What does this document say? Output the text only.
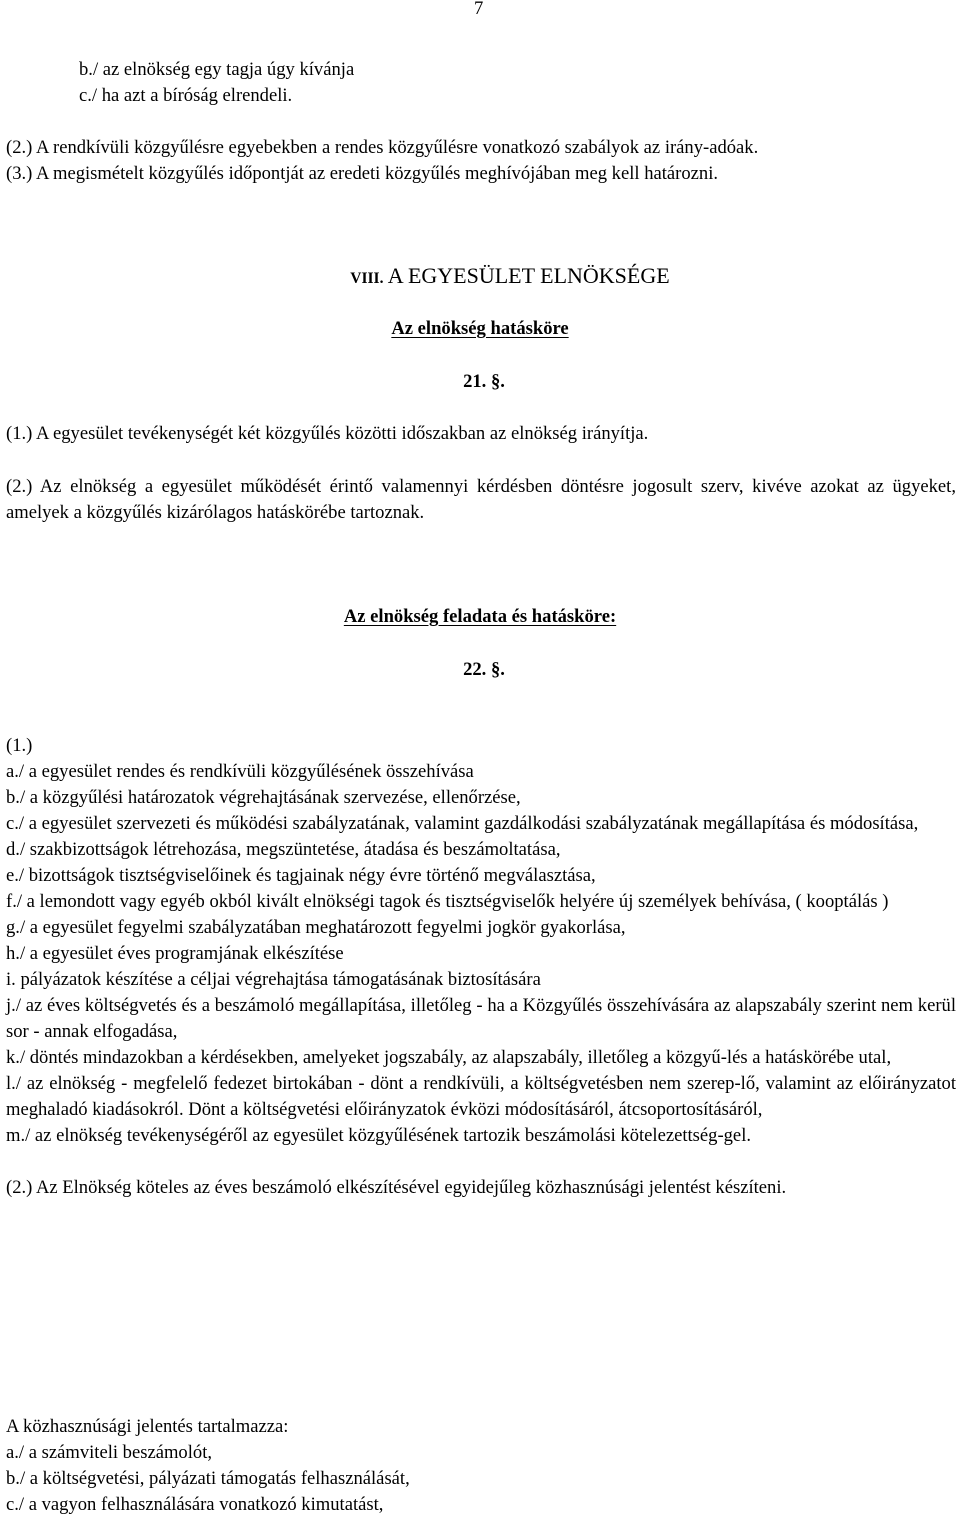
7
b./ az elnökség egy tagja úgy kívánja
c./ ha azt a bíróság elrendeli.
(2.) A rendkívüli közgyűlésre egyebekben a rendes közgyűlésre vonatkozó szabályok az irány-adóak.
(3.) A megismételt közgyűlés időpontját az eredeti közgyűlés meghívójában meg kell határozni.
VIII. A EGYESÜLET ELNÖKSÉGE
Az elnökség hatásköre
21. §.
(1.) A egyesület tevékenységét két közgyűlés közötti időszakban az elnökség irányítja.
(2.) Az elnökség a egyesület működését érintő valamennyi kérdésben döntésre jogosult szerv, kivéve azokat az ügyeket, amelyek a közgyűlés kizárólagos hatáskörébe tartoznak.
Az elnökség feladata és hatásköre:
22. §.
(1.)
a./ a egyesület rendes és rendkívüli közgyűlésének összehívása
b./ a közgyűlési határozatok végrehajtásának szervezése, ellenőrzése,
c./ a egyesület szervezeti és működési szabályzatának, valamint gazdálkodási szabályzatának megállapítása és módosítása,
d./ szakbizottságok létrehozása, megszüntetése, átadása és beszámoltatása,
e./ bizottságok tisztségviselőinek és tagjainak négy évre történő megválasztása,
f./ a lemondott vagy egyéb okból kivált elnökségi tagok és tisztségviselők helyére új személyek behívása, ( kooptálás )
g./ a egyesület fegyelmi szabályzatában meghatározott fegyelmi jogkör gyakorlása,
h./ a egyesület éves programjának elkészítése
i. pályázatok készítése a céljai végrehajtása támogatásának biztosítására
j./ az éves költségvetés és a beszámoló megállapítása, illetőleg - ha a Közgyűlés összehívására az alapszabály szerint nem kerül sor - annak elfogadása,
k./ döntés mindazokban a kérdésekben, amelyeket jogszabály, az alapszabály, illetőleg a közgyű-lés a hatáskörébe utal,
l./ az elnökség - megfelelő fedezet birtokában - dönt a rendkívüli, a költségvetésben nem szerep-lő, valamint az előirányzatot meghaladó kiadásokról. Dönt a költségvetési előirányzatok évközi módosításáról, átcsoportosításáról,
m./ az elnökség tevékenységéről az egyesület közgyűlésének tartozik beszámolási kötelezettség-gel.
(2.) Az Elnökség köteles az éves beszámoló elkészítésével egyidejűleg közhasznúsági jelentést készíteni.
A közhasznúsági jelentés tartalmazza:
a./ a számviteli beszámolót,
b./ a költségvetési, pályázati támogatás felhasználását,
c./ a vagyon felhasználására vonatkozó kimutatást,
